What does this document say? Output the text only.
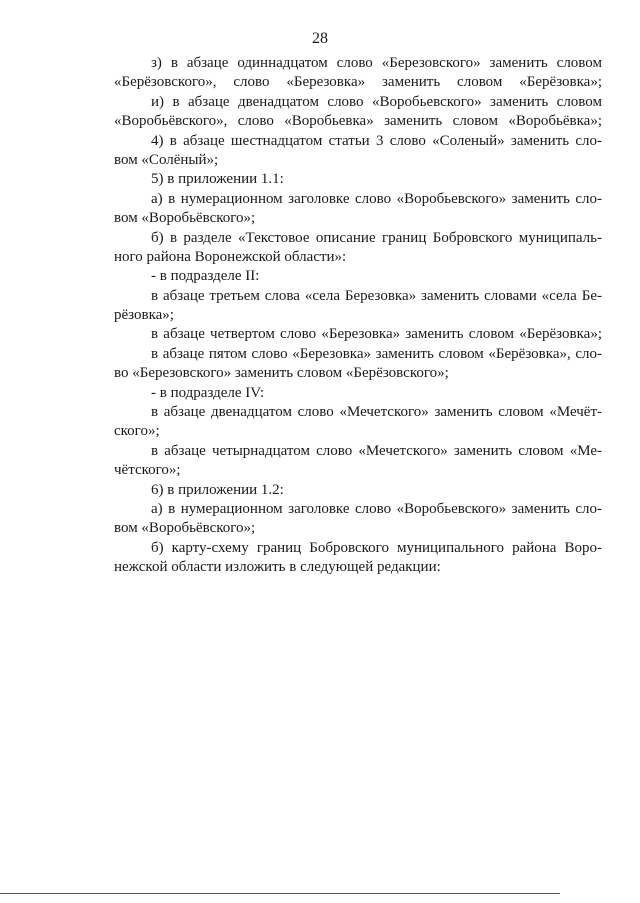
28
з) в абзаце одиннадцатом слово «Березовского» заменить словом
«Берёзовского», слово «Березовка» заменить словом «Берёзовка»;
и) в абзаце двенадцатом слово «Воробьевского» заменить словом
«Воробьёвского», слово «Воробьевка» заменить словом «Воробьёвка»;
4) в абзаце шестнадцатом статьи 3 слово «Соленый» заменить сло-
вом «Солёный»;
5) в приложении 1.1:
а) в нумерационном заголовке слово «Воробьевского» заменить сло-
вом «Воробьёвского»;
б) в разделе «Текстовое описание границ Бобровского муниципаль-
ного района Воронежской области»:
- в подразделе II:
в абзаце третьем слова «села Березовка» заменить словами «села Бе-
рёзовка»;
в абзаце четвертом слово «Березовка» заменить словом «Берёзовка»;
в абзаце пятом слово «Березовка» заменить словом «Берёзовка», сло-
во «Березовского» заменить словом «Берёзовского»;
- в подразделе IV:
в абзаце двенадцатом слово «Мечетского» заменить словом «Мечёт-
ского»;
в абзаце четырнадцатом слово «Мечетского» заменить словом «Ме-
чётского»;
6) в приложении 1.2:
а) в нумерационном заголовке слово «Воробьевского» заменить сло-
вом «Воробьёвского»;
б) карту-схему границ Бобровского муниципального района Воро-
нежской области изложить в следующей редакции:
